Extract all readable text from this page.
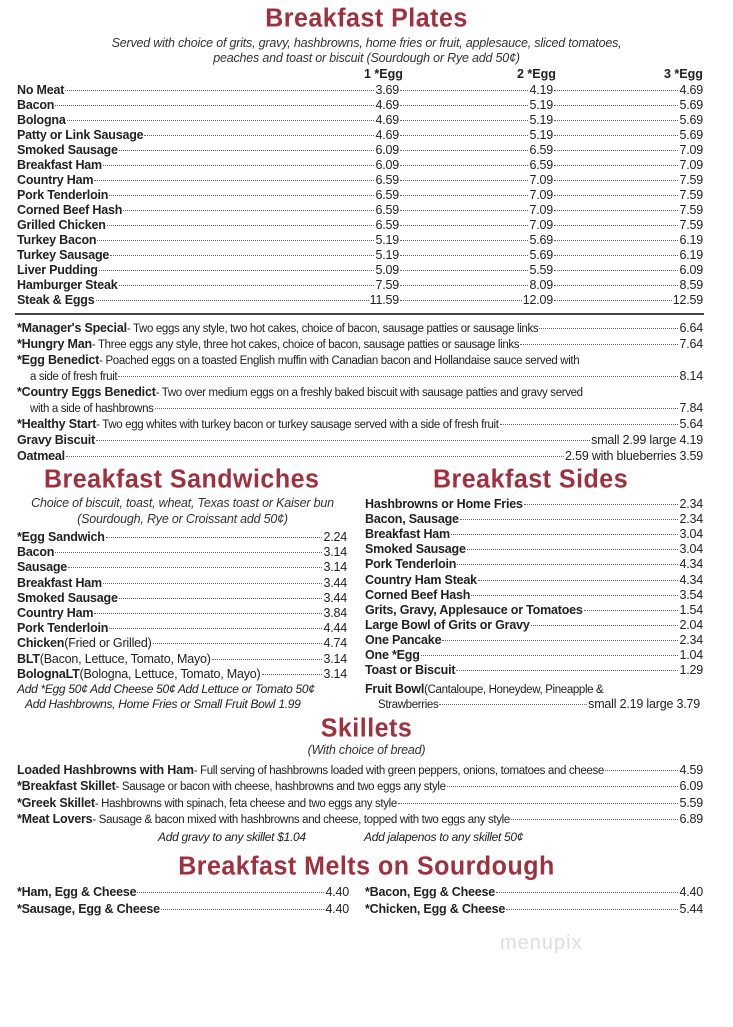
Breakfast Plates
Served with choice of grits, gravy, hashbrowns, home fries or fruit, applesauce, sliced tomatoes,
peaches and toast or biscuit (Sourdough or Rye add 50¢)
1 *Egg	2 *Egg	3 *Egg
No Meat	3.69	4.19	4.69
Bacon	4.69	5.19	5.69
Bologna	4.69	5.19	5.69
Patty or Link Sausage	4.69	5.19	5.69
Smoked Sausage	6.09	6.59	7.09
Breakfast Ham	6.09	6.59	7.09
Country Ham	6.59	7.09	7.59
Pork Tenderloin	6.59	7.09	7.59
Corned Beef Hash	6.59	7.09	7.59
Grilled Chicken	6.59	7.09	7.59
Turkey Bacon	5.19	5.69	6.19
Turkey Sausage	5.19	5.69	6.19
Liver Pudding	5.09	5.59	6.09
Hamburger Steak	7.59	8.09	8.59
Steak & Eggs	11.59	12.09	12.59
*Manager's Special - Two eggs any style, two hot cakes, choice of bacon, sausage patties or sausage links	6.64
*Hungry Man - Three eggs any style, three hot cakes, choice of bacon, sausage patties or sausage links	7.64
*Egg Benedict - Poached eggs on a toasted English muffin with Canadian bacon and Hollandaise sauce served with
a side of fresh fruit	8.14
*Country Eggs Benedict - Two over medium eggs on a freshly baked biscuit with sausage patties and gravy served
with a side of hashbrowns	7.84
*Healthy Start - Two egg whites with turkey bacon or turkey sausage served with a side of fresh fruit	5.64
Gravy Biscuit	small 2.99 large 4.19
Oatmeal	2.59 with blueberries 3.59
Breakfast Sandwiches
Choice of biscuit, toast, wheat, Texas toast or Kaiser bun
(Sourdough, Rye or Croissant add 50¢)
*Egg Sandwich	2.24
Bacon	3.14
Sausage	3.14
Breakfast Ham	3.44
Smoked Sausage	3.44
Country Ham	3.84
Pork Tenderloin	4.44
Chicken (Fried or Grilled)	4.74
BLT (Bacon, Lettuce, Tomato, Mayo)	3.14
BolognaLT (Bologna, Lettuce, Tomato, Mayo)	3.14
Add *Egg 50¢ Add Cheese 50¢ Add Lettuce or Tomato 50¢
Add Hashbrowns, Home Fries or Small Fruit Bowl 1.99
Breakfast Sides
Hashbrowns or Home Fries	2.34
Bacon, Sausage	2.34
Breakfast Ham	3.04
Smoked Sausage	3.04
Pork Tenderloin	4.34
Country Ham Steak	4.34
Corned Beef Hash	3.54
Grits, Gravy, Applesauce or Tomatoes	1.54
Large Bowl of Grits or Gravy	2.04
One Pancake	2.34
One *Egg	1.04
Toast or Biscuit	1.29
Fruit Bowl (Cantaloupe, Honeydew, Pineapple &
Strawberries	small 2.19 large 3.79
Skillets
(With choice of bread)
Loaded Hashbrowns with Ham - Full serving of hashbrowns loaded with green peppers, onions, tomatoes and cheese	4.59
*Breakfast Skillet - Sausage or bacon with cheese, hashbrowns and two eggs any style	6.09
*Greek Skillet - Hashbrowns with spinach, feta cheese and two eggs any style	5.59
*Meat Lovers - Sausage & bacon mixed with hashbrowns and cheese, topped with two eggs any style	6.89
Add gravy to any skillet $1.04	Add jalapenos to any skillet 50¢
Breakfast Melts on Sourdough
*Ham, Egg & Cheese	4.40
*Sausage, Egg & Cheese	4.40
*Bacon, Egg & Cheese	4.40
*Chicken, Egg & Cheese	5.44
menupix
